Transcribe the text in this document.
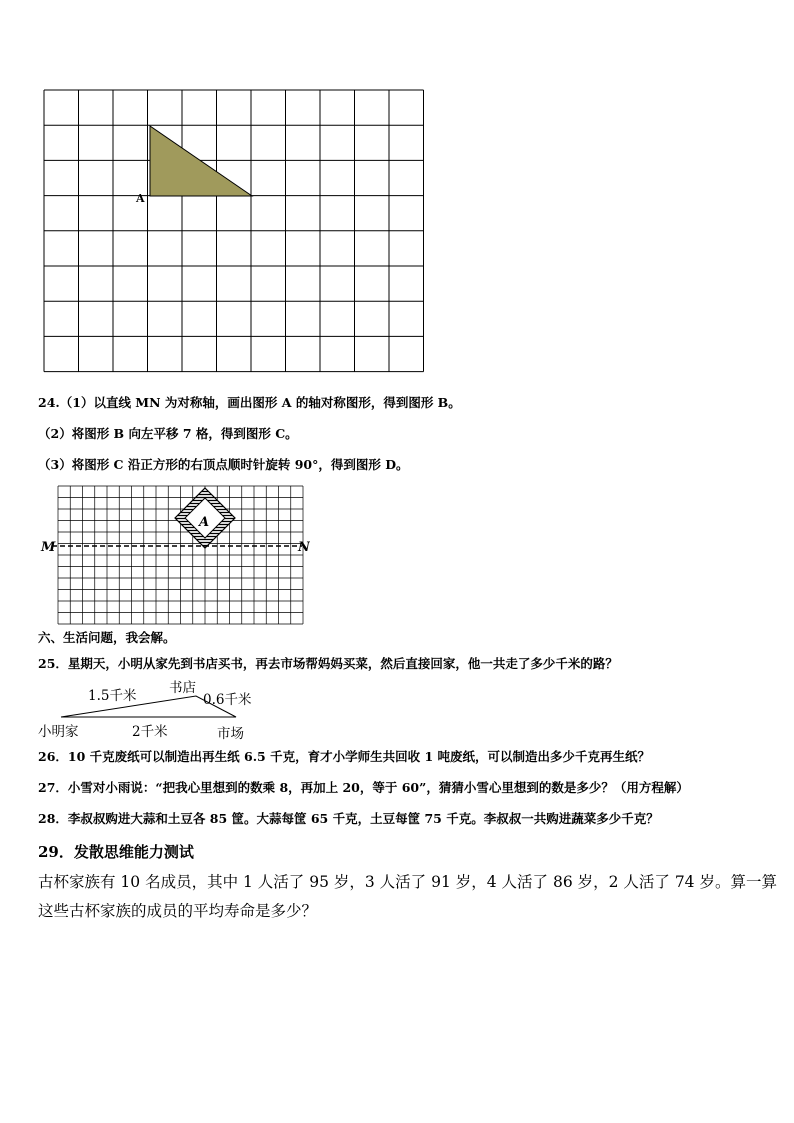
A
24.（1）以直线 MN 为对称轴，画出图形 A 的轴对称图形，得到图形 B。
（2）将图形 B 向左平移 7 格，得到图形 C。
（3）将图形 C 沿正方形的右顶点顺时针旋转 90°，得到图形 D。
A
M	N
六、生活问题，我会解。
25．星期天，小明从家先到书店买书，再去市场帮妈妈买菜，然后直接回家，他一共走了多少千米的路？
1.5千米 书店
0.6千米
小明家	2千米	市场
26．10 千克废纸可以制造出再生纸 6.5 千克，育才小学师生共回收 1 吨废纸，可以制造出多少千克再生纸？
27．小雪对小雨说：“把我心里想到的数乘 8，再加上 20，等于 60”，猜猜小雪心里想到的数是多少？（用方程解）
28．李叔叔购进大蒜和土豆各 85 筐。大蒜每筐 65 千克，土豆每筐 75 千克。李叔叔一共购进蔬菜多少千克？
29．发散思维能力测试
古杯家族有 10 名成员，其中 1 人活了 95 岁，3 人活了 91 岁，4 人活了 86 岁，2 人活了 74 岁。算一算
这些古杯家族的成员的平均寿命是多少？
